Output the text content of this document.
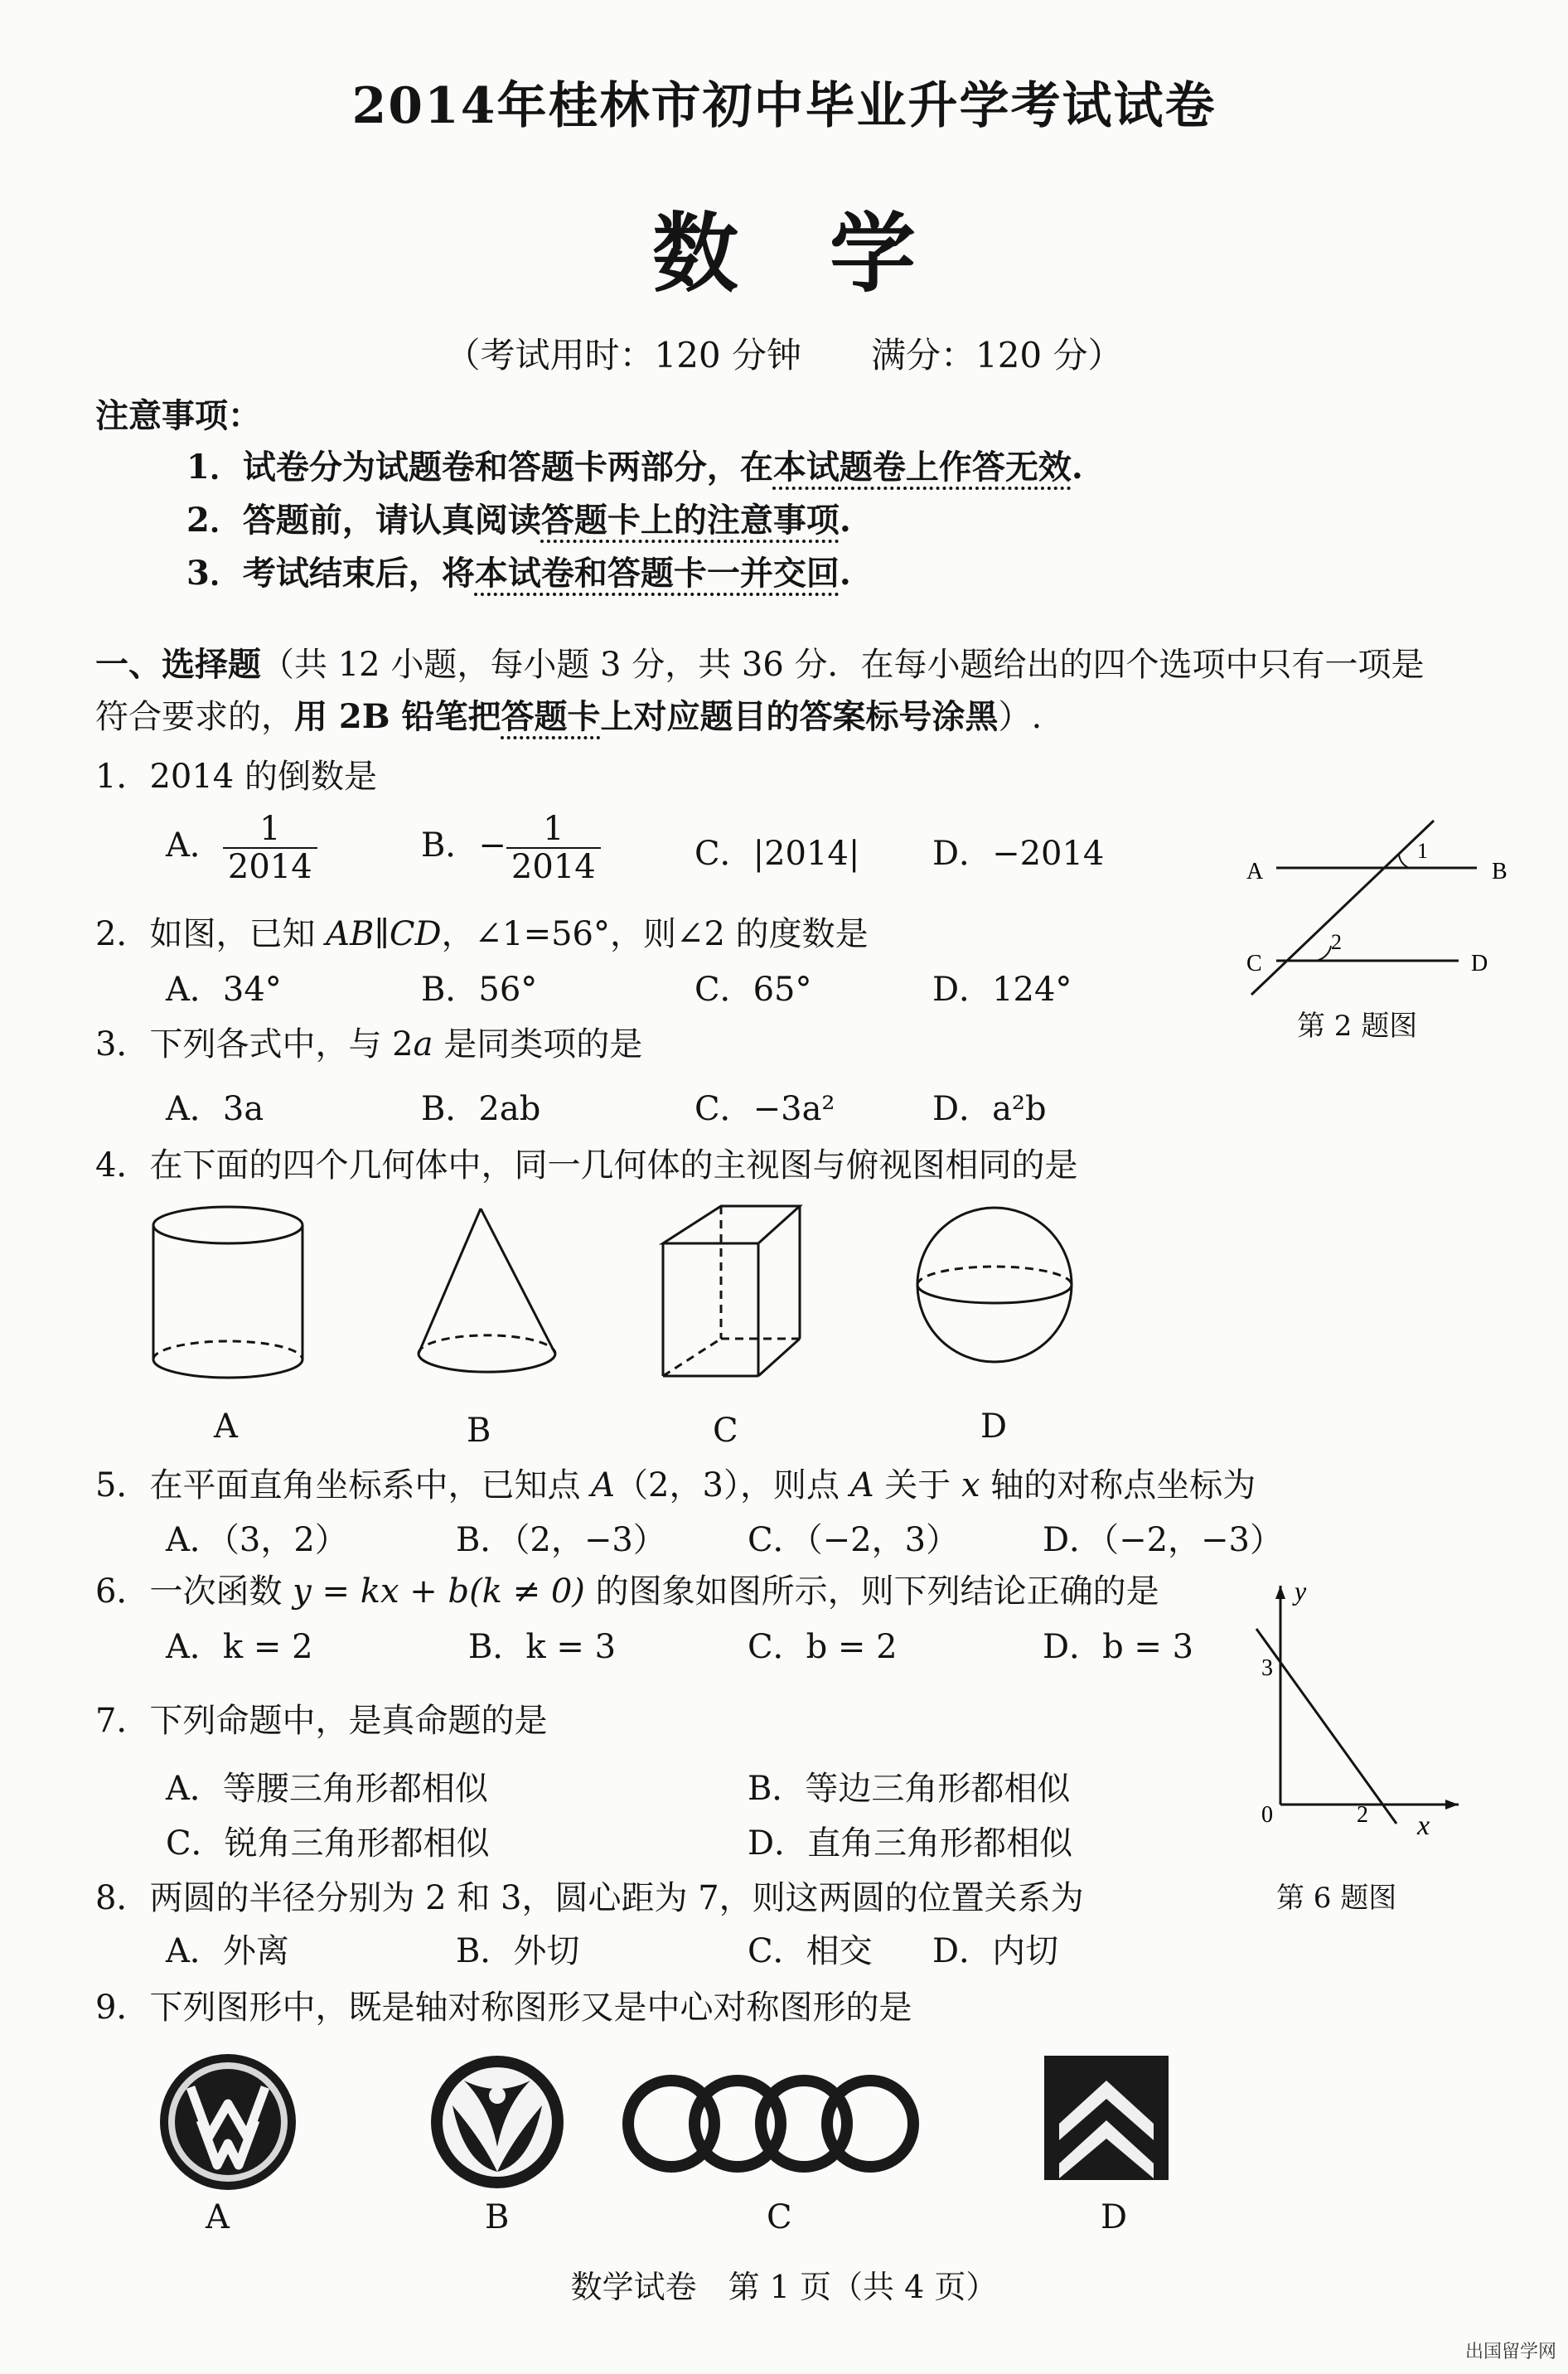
2014年桂林市初中毕业升学考试试卷
数学
（考试用时：120 分钟　　满分：120 分）
注意事项：
1．试卷分为试题卷和答题卡两部分，在本试题卷上作答无效.
2．答题前，请认真阅读答题卡上的注意事项.
3．考试结束后，将本试卷和答题卡一并交回.
一、选择题（共 12 小题，每小题 3 分，共 36 分．在每小题给出的四个选项中只有一项是
符合要求的，用 2B 铅笔把答题卡上对应题目的答案标号涂黑）.
1．2014 的倒数是
A． $\frac{1}{2014}$	B．− $\frac{1}{2014}$	C．|2014| D．−2014
2．如图，已知 AB∥CD，∠1=56°，则∠2 的度数是
A．34°	B．56°	C．65°	D．124°
A	B
C	D
1
2
第 2 题图
3．下列各式中，与 2a 是同类项的是
A．3a	B．2ab	C．−3a²	D．a²b
4．在下面的四个几何体中，同一几何体的主视图与俯视图相同的是
A	B	C	D
5．在平面直角坐标系中，已知点 A（2，3），则点 A 关于 x 轴的对称点坐标为
A．（3，2）	B．（2，−3） C．（−2，3）	D．（−2，−3）
6．一次函数 y = kx + b(k ≠ 0) 的图象如图所示，则下列结论正确的是
A．k = 2	B．k = 3	C．b = 2	D．b = 3
y
x
3
0	2
第 6 题图
7．下列命题中，是真命题的是
A．等腰三角形都相似	B．等边三角形都相似
C．锐角三角形都相似	D．直角三角形都相似
8．两圆的半径分别为 2 和 3，圆心距为 7，则这两圆的位置关系为
A．外离	B．外切	C．相交 D．内切
9．下列图形中，既是轴对称图形又是中心对称图形的是
A	B	C	D
数学试卷　第 1 页（共 4 页）
出国留学网
